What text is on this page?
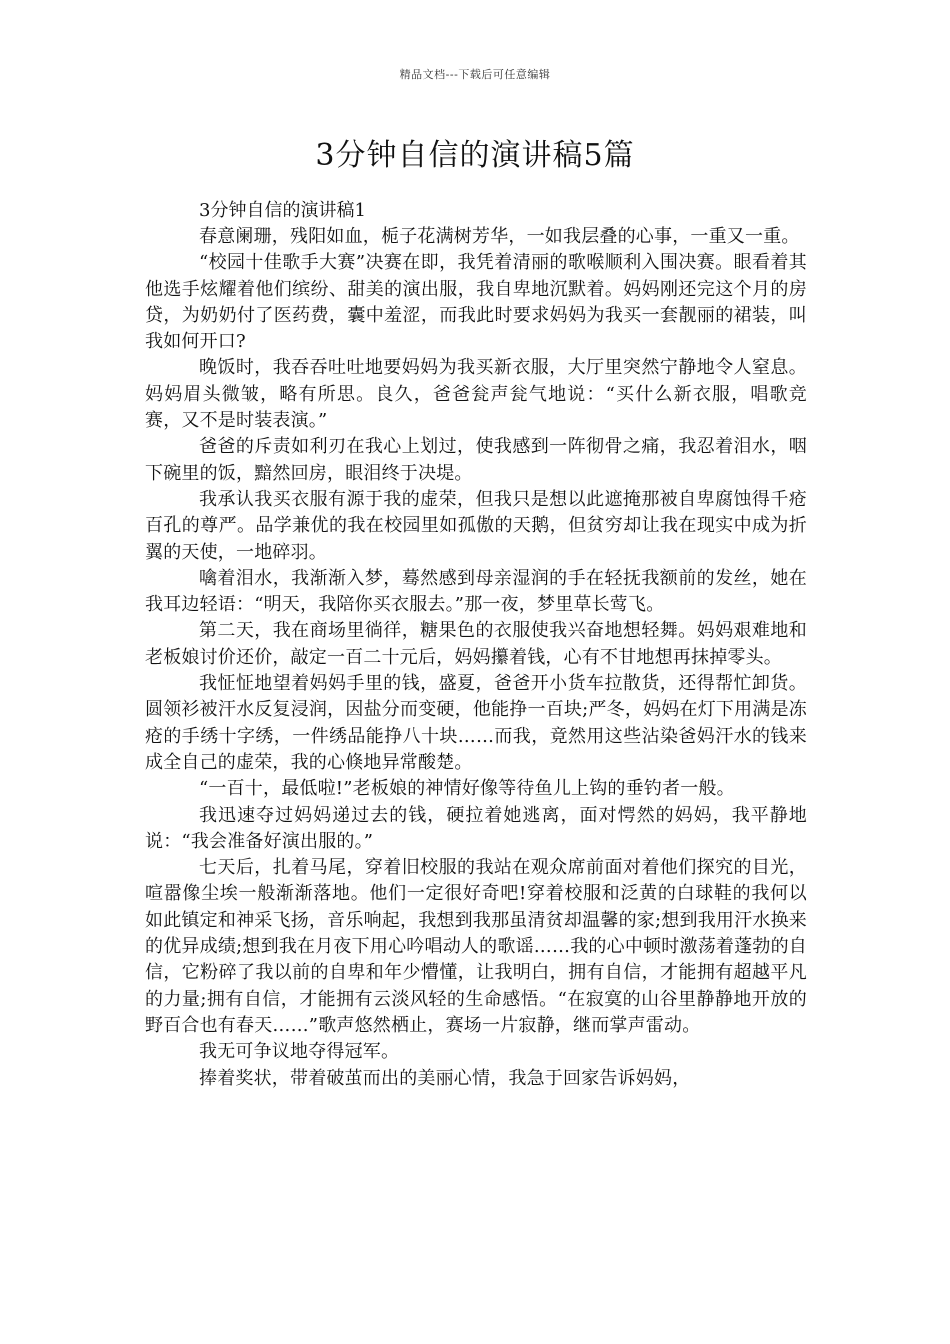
精品文档---下载后可任意编辑
3分钟自信的演讲稿5篇
3分钟自信的演讲稿1

春意阑珊，残阳如血，栀子花满树芳华，一如我层叠的心事，一重又一重。

“校园十佳歌手大赛”决赛在即，我凭着清丽的歌喉顺利入围决赛。眼看着其他选手炫耀着他们缤纷、甜美的演出服，我自卑地沉默着。妈妈刚还完这个月的房贷，为奶奶付了医药费，囊中羞涩，而我此时要求妈妈为我买一套靓丽的裙装，叫我如何开口?

晚饭时，我吞吞吐吐地要妈妈为我买新衣服，大厅里突然宁静地令人窒息。妈妈眉头微皱，略有所思。良久，爸爸瓮声瓮气地说：“买什么新衣服，唱歌竞赛，又不是时装表演。”

爸爸的斥责如利刃在我心上划过，使我感到一阵彻骨之痛，我忍着泪水，咽下碗里的饭，黯然回房，眼泪终于决堤。

我承认我买衣服有源于我的虚荣，但我只是想以此遮掩那被自卑腐蚀得千疮百孔的尊严。品学兼优的我在校园里如孤傲的天鹅，但贫穷却让我在现实中成为折翼的天使，一地碎羽。

噙着泪水，我渐渐入梦，蓦然感到母亲湿润的手在轻抚我额前的发丝，她在我耳边轻语：“明天，我陪你买衣服去。”那一夜，梦里草长莺飞。

第二天，我在商场里徜徉，糖果色的衣服使我兴奋地想轻舞。妈妈艰难地和老板娘讨价还价，敲定一百二十元后，妈妈攥着钱，心有不甘地想再抹掉零头。

我怔怔地望着妈妈手里的钱，盛夏，爸爸开小货车拉散货，还得帮忙卸货。圆领衫被汗水反复浸润，因盐分而变硬，他能挣一百块;严冬，妈妈在灯下用满是冻疮的手绣十字绣，一件绣品能挣八十块……而我，竟然用这些沾染爸妈汗水的钱来成全自己的虚荣，我的心倏地异常酸楚。

“一百十，最低啦!”老板娘的神情好像等待鱼儿上钩的垂钓者一般。

我迅速夺过妈妈递过去的钱，硬拉着她逃离，面对愕然的妈妈，我平静地说：“我会准备好演出服的。”

七天后，扎着马尾，穿着旧校服的我站在观众席前面对着他们探究的目光，喧嚣像尘埃一般渐渐落地。他们一定很好奇吧!穿着校服和泛黄的白球鞋的我何以如此镇定和神采飞扬，音乐响起，我想到我那虽清贫却温馨的家;想到我用汗水换来的优异成绩;想到我在月夜下用心吟唱动人的歌谣……我的心中顿时激荡着蓬勃的自信，它粉碎了我以前的自卑和年少懵懂，让我明白，拥有自信，才能拥有超越平凡的力量;拥有自信，才能拥有云淡风轻的生命感悟。“在寂寞的山谷里静静地开放的野百合也有春天……”歌声悠然栖止，赛场一片寂静，继而掌声雷动。

我无可争议地夺得冠军。

捧着奖状，带着破茧而出的美丽心情，我急于回家告诉妈妈，
